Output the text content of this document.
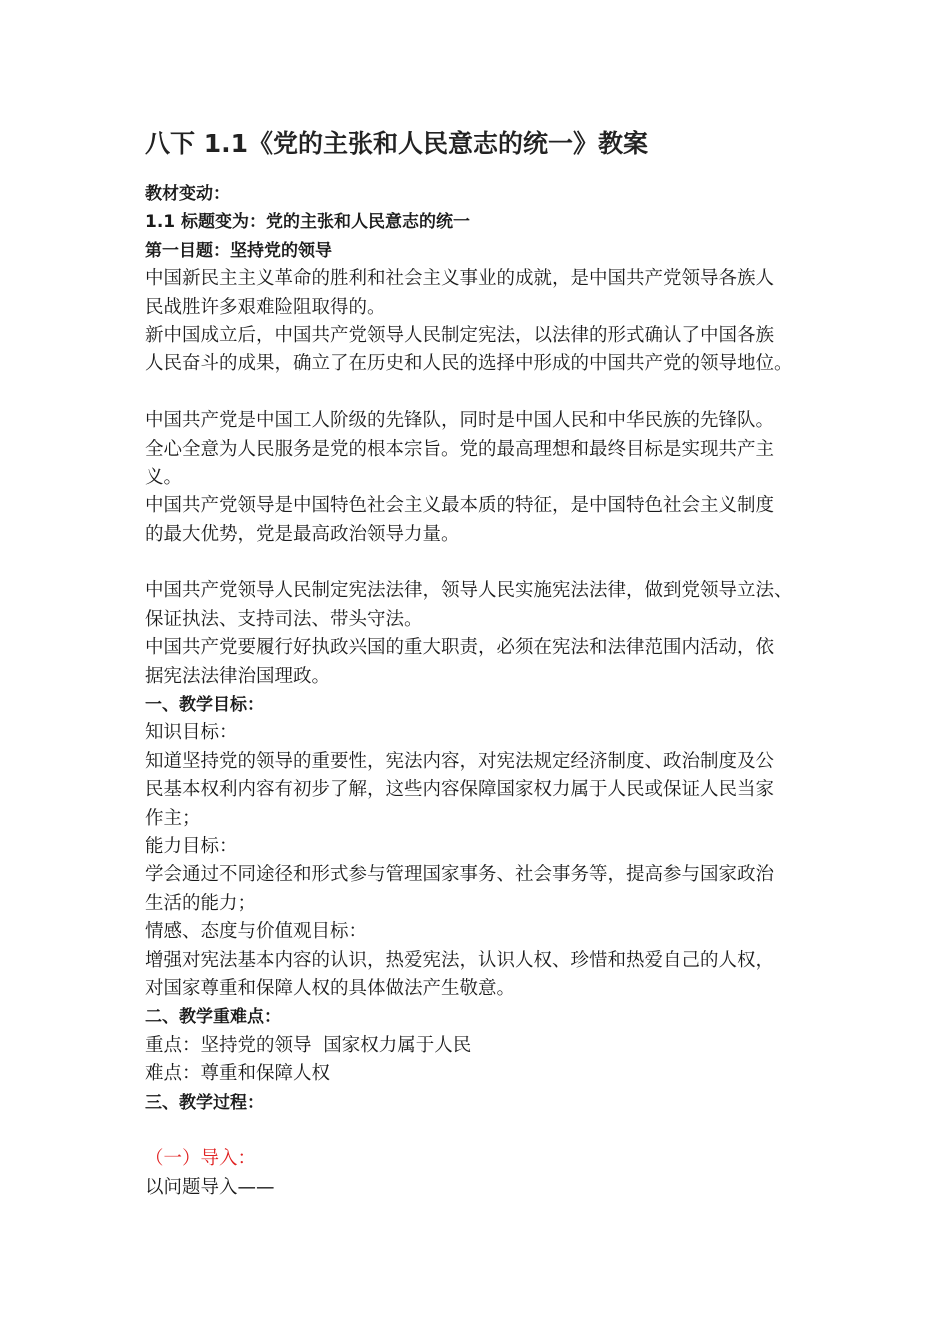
八下 1.1《党的主张和人民意志的统一》教案
教材变动：
1.1 标题变为：党的主张和人民意志的统一
第一目题：坚持党的领导
中国新民主主义革命的胜利和社会主义事业的成就，是中国共产党领导各族人
民战胜许多艰难险阻取得的。
新中国成立后，中国共产党领导人民制定宪法，以法律的形式确认了中国各族
人民奋斗的成果，确立了在历史和人民的选择中形成的中国共产党的领导地位。
中国共产党是中国工人阶级的先锋队，同时是中国人民和中华民族的先锋队。
全心全意为人民服务是党的根本宗旨。党的最高理想和最终目标是实现共产主
义。
中国共产党领导是中国特色社会主义最本质的特征，是中国特色社会主义制度
的最大优势，党是最高政治领导力量。
中国共产党领导人民制定宪法法律，领导人民实施宪法法律，做到党领导立法、
保证执法、支持司法、带头守法。
中国共产党要履行好执政兴国的重大职责，必须在宪法和法律范围内活动，依
据宪法法律治国理政。
一、教学目标：
知识目标：
知道坚持党的领导的重要性，宪法内容，对宪法规定经济制度、政治制度及公
民基本权利内容有初步了解，这些内容保障国家权力属于人民或保证人民当家
作主；
能力目标：
学会通过不同途径和形式参与管理国家事务、社会事务等，提高参与国家政治
生活的能力；
情感、态度与价值观目标：
增强对宪法基本内容的认识，热爱宪法，认识人权、珍惜和热爱自己的人权，
对国家尊重和保障人权的具体做法产生敬意。
二、教学重难点：
重点：坚持党的领导  国家权力属于人民
难点：尊重和保障人权
三、教学过程：
（一）导入：
以问题导入——
